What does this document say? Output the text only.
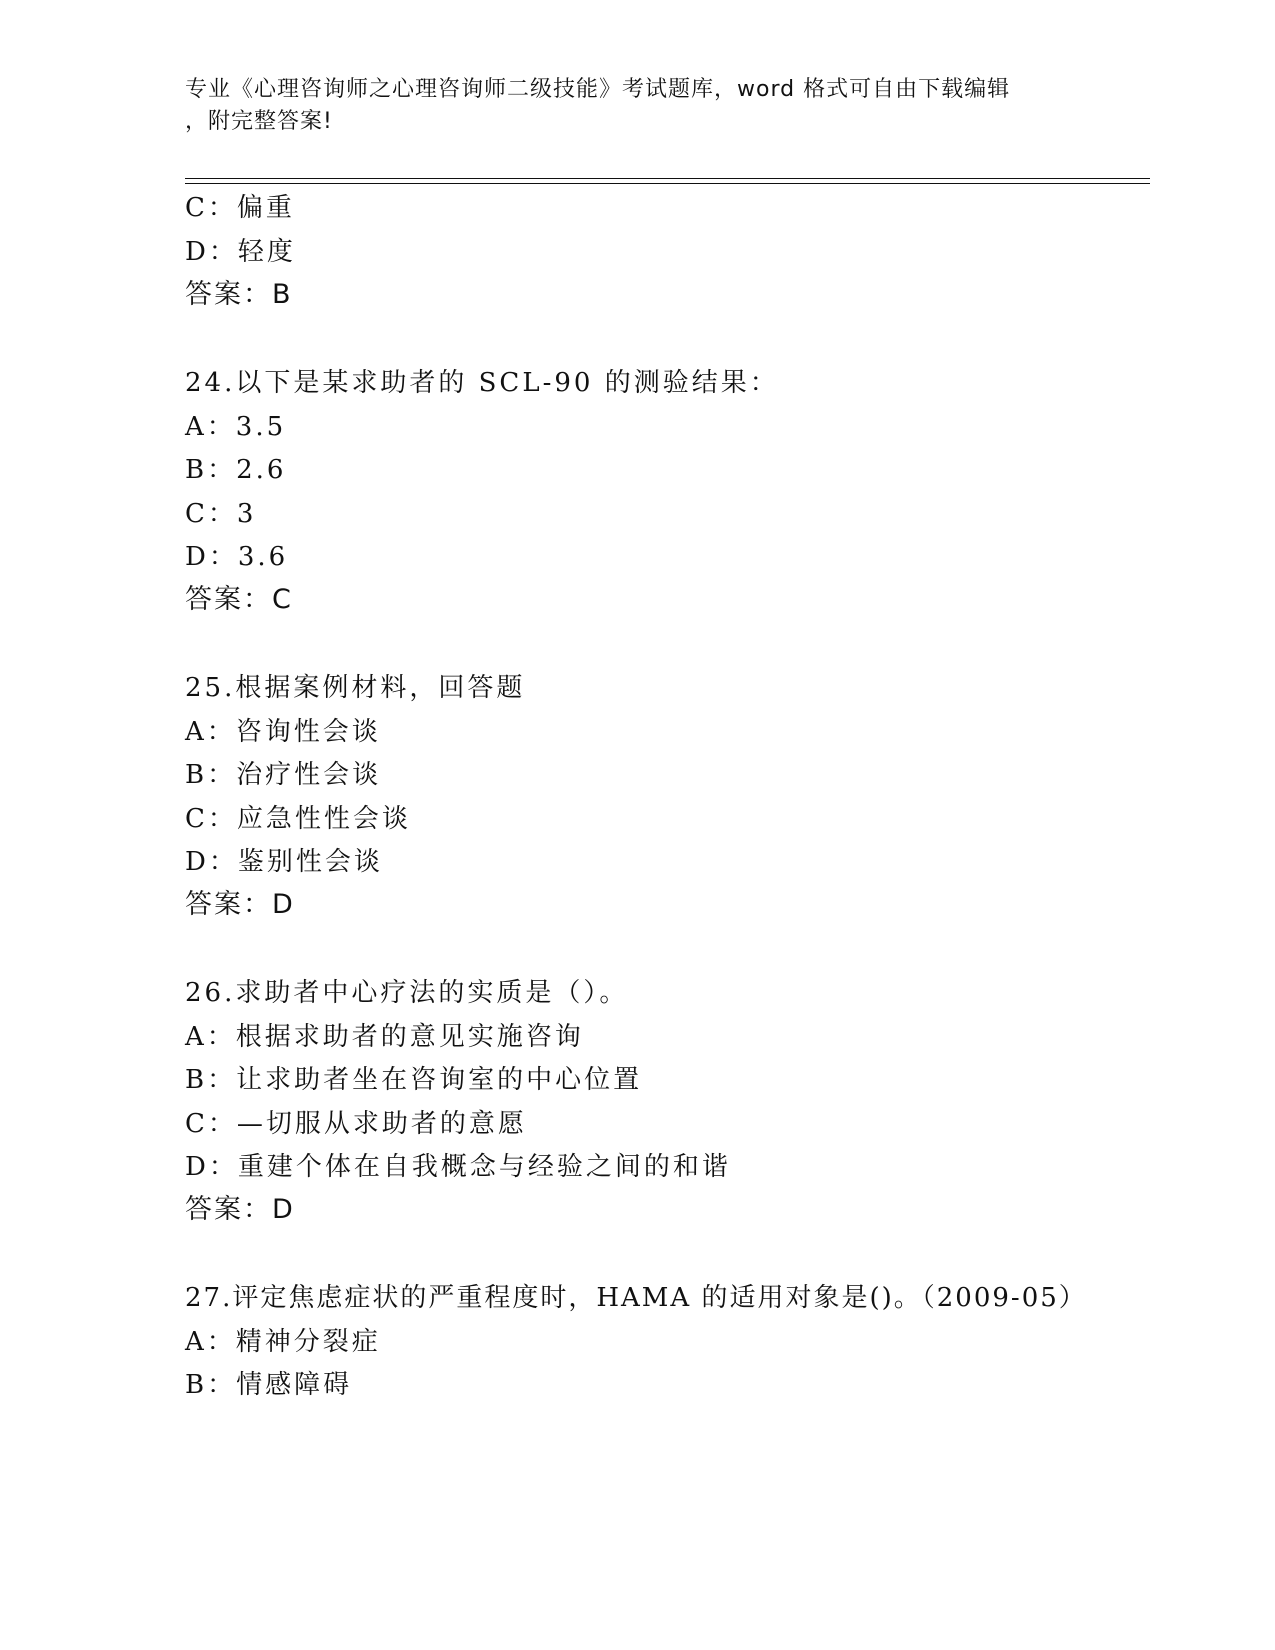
专业《心理咨询师之心理咨询师二级技能》考试题库，word 格式可自由下载编辑
，附完整答案!
C：偏重
D：轻度
答案：B
24.以下是某求助者的 SCL-90 的测验结果：
A：3.5
B：2.6
C：3
D：3.6
答案：C
25.根据案例材料，回答题
A：咨询性会谈
B：治疗性会谈
C：应急性性会谈
D：鉴别性会谈
答案：D
26.求助者中心疗法的实质是（）。
A：根据求助者的意见实施咨询
B：让求助者坐在咨询室的中心位置
C：—切服从求助者的意愿
D：重建个体在自我概念与经验之间的和谐
答案：D
27.评定焦虑症状的严重程度时，HAMA 的适用对象是()。（2009-05）
A：精神分裂症
B：情感障碍
